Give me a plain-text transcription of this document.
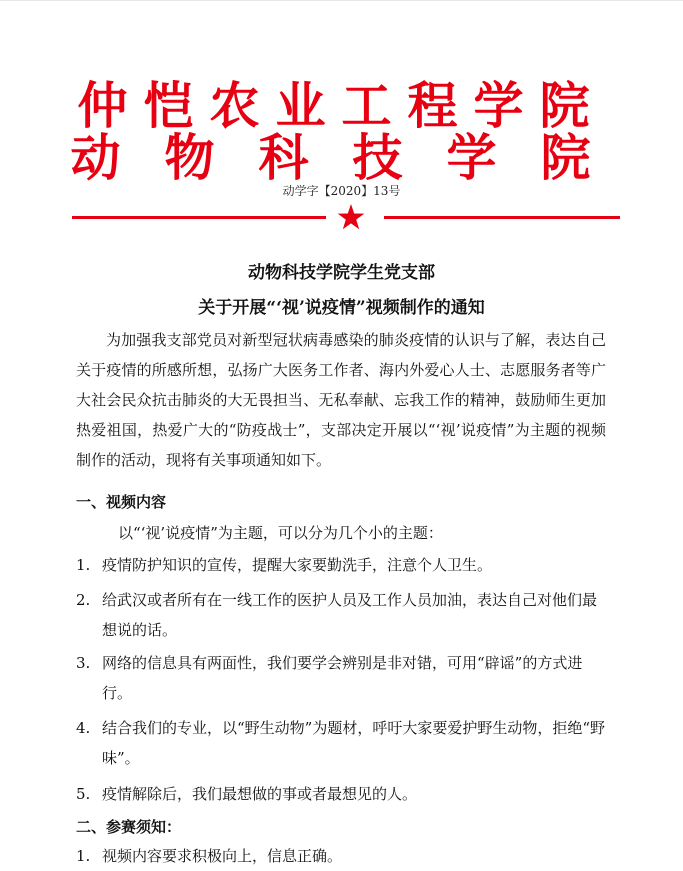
仲恺农业工程学院
动物科技学院
动学字【2020】13号
动物科技学院学生党支部
关于开展“‘视’说疫情”视频制作的通知
为加强我支部党员对新型冠状病毒感染的肺炎疫情的认识与了解，表达自己关于疫情的所感所想，弘扬广大医务工作者、海内外爱心人士、志愿服务者等广大社会民众抗击肺炎的大无畏担当、无私奉献、忘我工作的精神，鼓励师生更加热爱祖国，热爱广大的“防疫战士”，支部决定开展以“‘视’说疫情”为主题的视频制作的活动，现将有关事项通知如下。
一、视频内容
以“‘视’说疫情”为主题，可以分为几个小的主题：
1. 疫情防护知识的宣传，提醒大家要勤洗手，注意个人卫生。
2. 给武汉或者所有在一线工作的医护人员及工作人员加油，表达自己对他们最想说的话。
3. 网络的信息具有两面性，我们要学会辨别是非对错，可用“辟谣”的方式进行。
4. 结合我们的专业，以“野生动物”为题材，呼吁大家要爱护野生动物，拒绝“野味”。
5. 疫情解除后，我们最想做的事或者最想见的人。
二、参赛须知：
1. 视频内容要求积极向上，信息正确。
